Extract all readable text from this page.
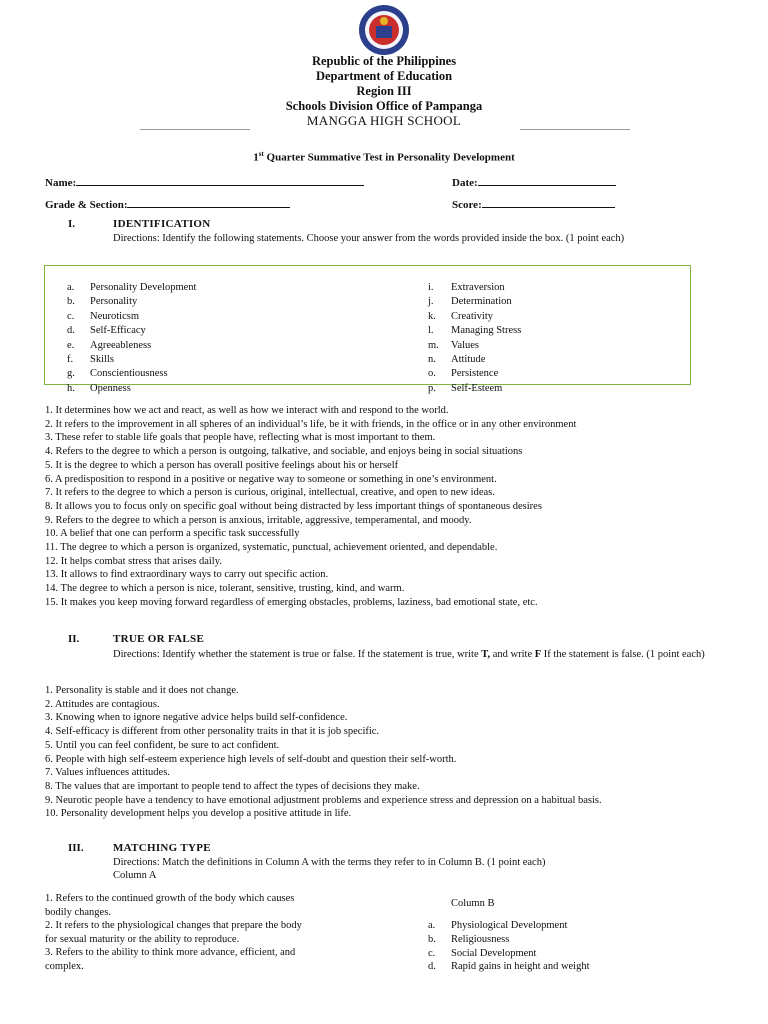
Republic of the Philippines
Department of Education
Region III
Schools Division Office of Pampanga
MANGGA HIGH SCHOOL
1st Quarter Summative Test in Personality Development
Name:	Date:
Grade & Section:	Score:
I.	IDENTIFICATION
Directions: Identify the following statements. Choose your answer from the words provided inside the box. (1 point each)
a. Personality Development
b. Personality
c. Neuroticsm
d. Self-Efficacy
e. Agreeableness
f. Skills
g. Conscientiousness
h. Openness
i. Extraversion
j. Determination
k. Creativity
l. Managing Stress
m. Values
n. Attitude
o. Persistence
p. Self-Esteem
1. It determines how we act and react, as well as how we interact with and respond to the world.
2. It refers to the improvement in all spheres of an individual’s life, be it with friends, in the office or in any other environment
3. These refer to stable life goals that people have, reflecting what is most important to them.
4. Refers to the degree to which a person is outgoing, talkative, and sociable, and enjoys being in social situations
5. It is the degree to which a person has overall positive feelings about his or herself
6. A predisposition to respond in a positive or negative way to someone or something in one’s environment.
7. It refers to the degree to which a person is curious, original, intellectual, creative, and open to new ideas.
8. It allows you to focus only on specific goal without being distracted by less important things of spontaneous desires
9. Refers to the degree to which a person is anxious, irritable, aggressive, temperamental, and moody.
10. A belief that one can perform a specific task successfully
11. The degree to which a person is organized, systematic, punctual, achievement oriented, and dependable.
12. It helps combat stress that arises daily.
13. It allows to find extraordinary ways to carry out specific action.
14. The degree to which a person is nice, tolerant, sensitive, trusting, kind, and warm.
15. It makes you keep moving forward regardless of emerging obstacles, problems, laziness, bad emotional state, etc.
II.	TRUE OR FALSE
Directions: Identify whether the statement is true or false. If the statement is true, write T, and write F If the statement is false. (1 point each)
1. Personality is stable and it does not change.
2. Attitudes are contagious.
3. Knowing when to ignore negative advice helps build self-confidence.
4. Self-efficacy is different from other personality traits in that it is job specific.
5. Until you can feel confident, be sure to act confident.
6. People with high self-esteem experience high levels of self-doubt and question their self-worth.
7. Values influences attitudes.
8. The values that are important to people tend to affect the types of decisions they make.
9. Neurotic people have a tendency to have emotional adjustment problems and experience stress and depression on a habitual basis.
10. Personality development helps you develop a positive attitude in life.
III.	MATCHING TYPE
Directions: Match the definitions in Column A with the terms they refer to in Column B. (1 point each)
Column A
1. Refers to the continued growth of the body which causes
bodily changes.
2. It refers to the physiological changes that prepare the body
for sexual maturity or the ability to reproduce.
3. Refers to the ability to think more advance, efficient, and
complex.
Column B
a. Physiological Development
b. Religiousness
c. Social Development
d. Rapid gains in height and weight
